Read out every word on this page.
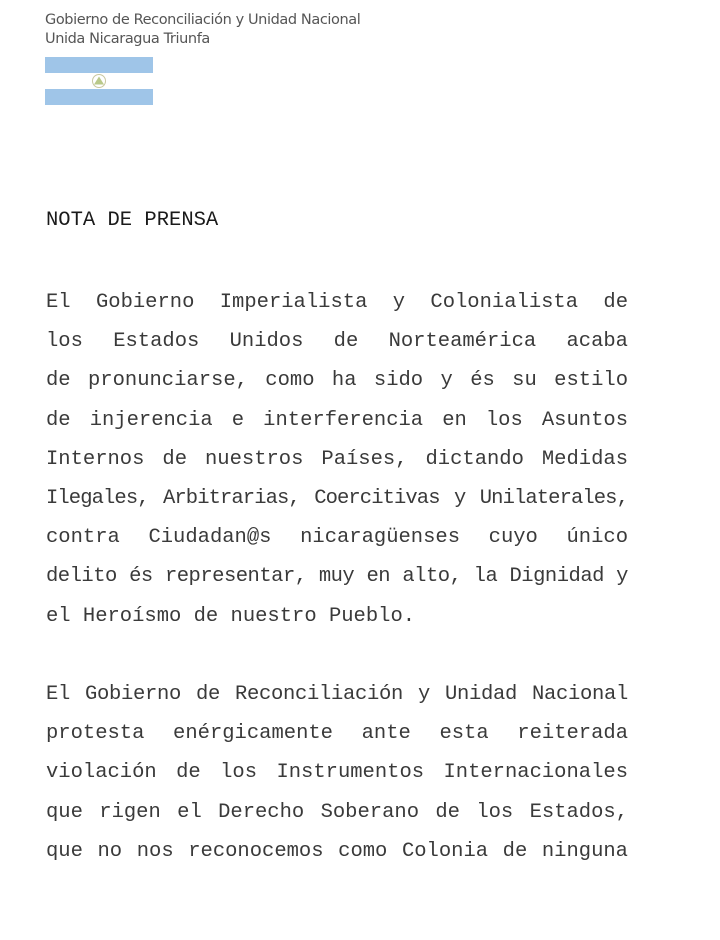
Gobierno de Reconciliación y Unidad Nacional
Unida Nicaragua Triunfa
NOTA DE PRENSA

El Gobierno Imperialista y Colonialista de
los Estados Unidos de Norteamérica acaba
de pronunciarse, como ha sido y és su estilo
de injerencia e interferencia en los Asuntos
Internos de nuestros Países, dictando Medidas
Ilegales, Arbitrarias, Coercitivas y Unilaterales,
contra Ciudadan@s nicaragüenses cuyo único
delito és representar, muy en alto, la Dignidad y
el Heroísmo de nuestro Pueblo.

El Gobierno de Reconciliación y Unidad Nacional
protesta enérgicamente ante esta reiterada
violación de los Instrumentos Internacionales
que rigen el Derecho Soberano de los Estados,
que no nos reconocemos como Colonia de ninguna
